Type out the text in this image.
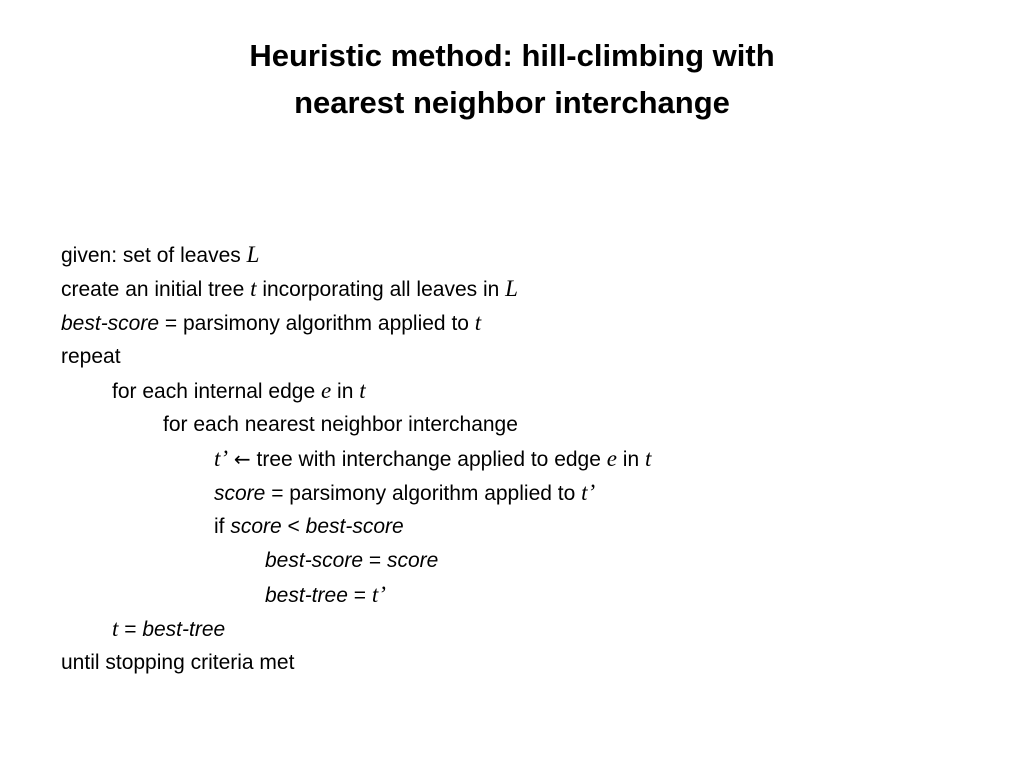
Heuristic method: hill-climbing with
nearest neighbor interchange
given: set of leaves L
create an initial tree t incorporating all leaves in L
best-score = parsimony algorithm applied to t
repeat
for each internal edge e in t
for each nearest neighbor interchange
t’ ← tree with interchange applied to edge e in t
score = parsimony algorithm applied to t’
if score < best-score
best-score = score
best-tree = t’
t = best-tree
until stopping criteria met
